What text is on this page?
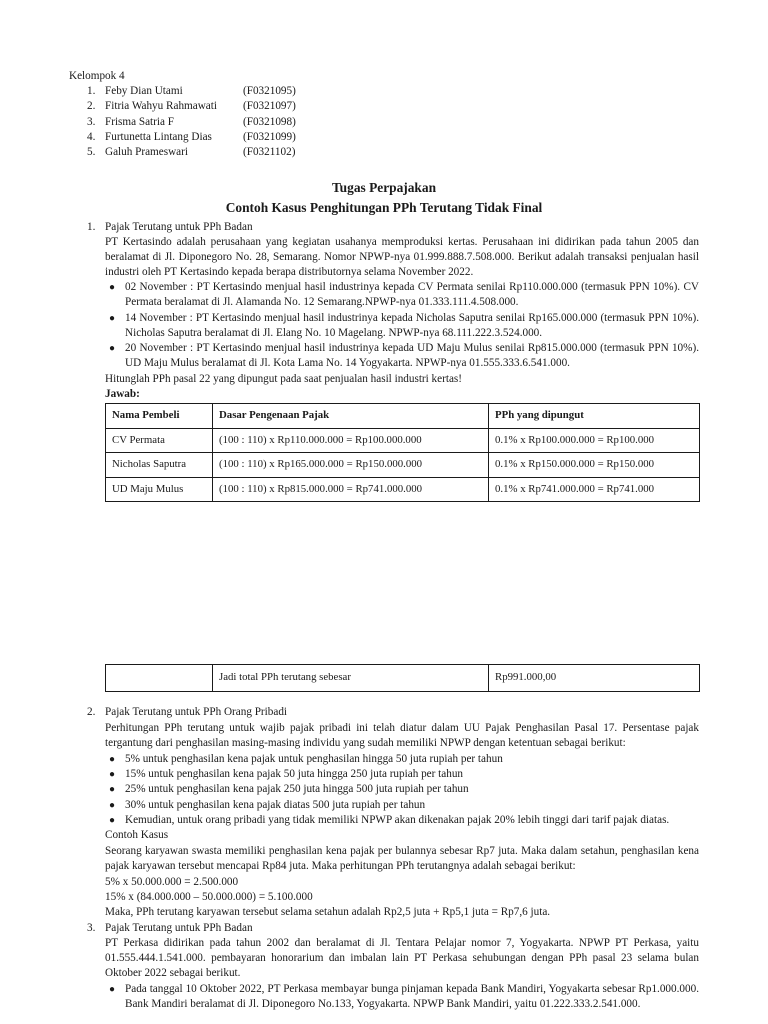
Kelompok 4
1. Feby Dian Utami	(F0321095)
2. Fitria Wahyu Rahmawati (F0321097)
3. Frisma Satria F	(F0321098)
4. Furtunetta Lintang Dias	(F0321099)
5. Galuh Prameswari	(F0321102)
Tugas Perpajakan
Contoh Kasus Penghitungan PPh Terutang Tidak Final
1. Pajak Terutang untuk PPh Badan
PT Kertasindo adalah perusahaan yang kegiatan usahanya memproduksi kertas. Perusahaan ini didirikan pada tahun 2005 dan beralamat di Jl. Diponegoro No. 28, Semarang. Nomor NPWP-nya 01.999.888.7.508.000. Berikut adalah transaksi penjualan hasil industri oleh PT Kertasindo kepada berapa distributornya selama November 2022.
● 02 November : PT Kertasindo menjual hasil industrinya kepada CV Permata senilai Rp110.000.000 (termasuk PPN 10%). CV Permata beralamat di Jl. Alamanda No. 12 Semarang.NPWP-nya 01.333.111.4.508.000.
● 14 November : PT Kertasindo menjual hasil industrinya kepada Nicholas Saputra senilai Rp165.000.000 (termasuk PPN 10%). Nicholas Saputra beralamat di Jl. Elang No. 10 Magelang. NPWP-nya 68.111.222.3.524.000.
● 20 November : PT Kertasindo menjual hasil industrinya kepada UD Maju Mulus senilai Rp815.000.000 (termasuk PPN 10%). UD Maju Mulus beralamat di Jl. Kota Lama No. 14 Yogyakarta. NPWP-nya 01.555.333.6.541.000.
Hitunglah PPh pasal 22 yang dipungut pada saat penjualan hasil industri kertas!
Jawab:
Nama Pembeli	Dasar Pengenaan Pajak	PPh yang dipungut
CV Permata	(100 : 110) x Rp110.000.000 = Rp100.000.000	0.1% x Rp100.000.000 = Rp100.000
Nicholas Saputra	(100 : 110) x Rp165.000.000 = Rp150.000.000	0.1% x Rp150.000.000 = Rp150.000
UD Maju Mulus	(100 : 110) x Rp815.000.000 = Rp741.000.000	0.1% x Rp741.000.000 = Rp741.000
	Jadi total PPh terutang sebesar	Rp991.000,00
2. Pajak Terutang untuk PPh Orang Pribadi
Perhitungan PPh terutang untuk wajib pajak pribadi ini telah diatur dalam UU Pajak Penghasilan Pasal 17. Persentase pajak tergantung dari penghasilan masing-masing individu yang sudah memiliki NPWP dengan ketentuan sebagai berikut:
● 5% untuk penghasilan kena pajak untuk penghasilan hingga 50 juta rupiah per tahun
● 15% untuk penghasilan kena pajak 50 juta hingga 250 juta rupiah per tahun
● 25% untuk penghasilan kena pajak 250 juta hingga 500 juta rupiah per tahun
● 30% untuk penghasilan kena pajak diatas 500 juta rupiah per tahun
● Kemudian, untuk orang pribadi yang tidak memiliki NPWP akan dikenakan pajak 20% lebih tinggi dari tarif pajak diatas.
Contoh Kasus
Seorang karyawan swasta memiliki penghasilan kena pajak per bulannya sebesar Rp7 juta. Maka dalam setahun, penghasilan kena pajak karyawan tersebut mencapai Rp84 juta. Maka perhitungan PPh terutangnya adalah sebagai berikut:
5% x 50.000.000 = 2.500.000
15% x (84.000.000 – 50.000.000) = 5.100.000
Maka, PPh terutang karyawan tersebut selama setahun adalah Rp2,5 juta + Rp5,1 juta = Rp7,6 juta.
3. Pajak Terutang untuk PPh Badan
PT Perkasa didirikan pada tahun 2002 dan beralamat di Jl. Tentara Pelajar nomor 7, Yogyakarta. NPWP PT Perkasa, yaitu 01.555.444.1.541.000. pembayaran honorarium dan imbalan lain PT Perkasa sehubungan dengan PPh pasal 23 selama bulan Oktober 2022 sebagai berikut.
● Pada tanggal 10 Oktober 2022, PT Perkasa membayar bunga pinjaman kepada Bank Mandiri, Yogyakarta sebesar Rp1.000.000. Bank Mandiri beralamat di Jl. Diponegoro No.133, Yogyakarta. NPWP Bank Mandiri, yaitu 01.222.333.2.541.000.
